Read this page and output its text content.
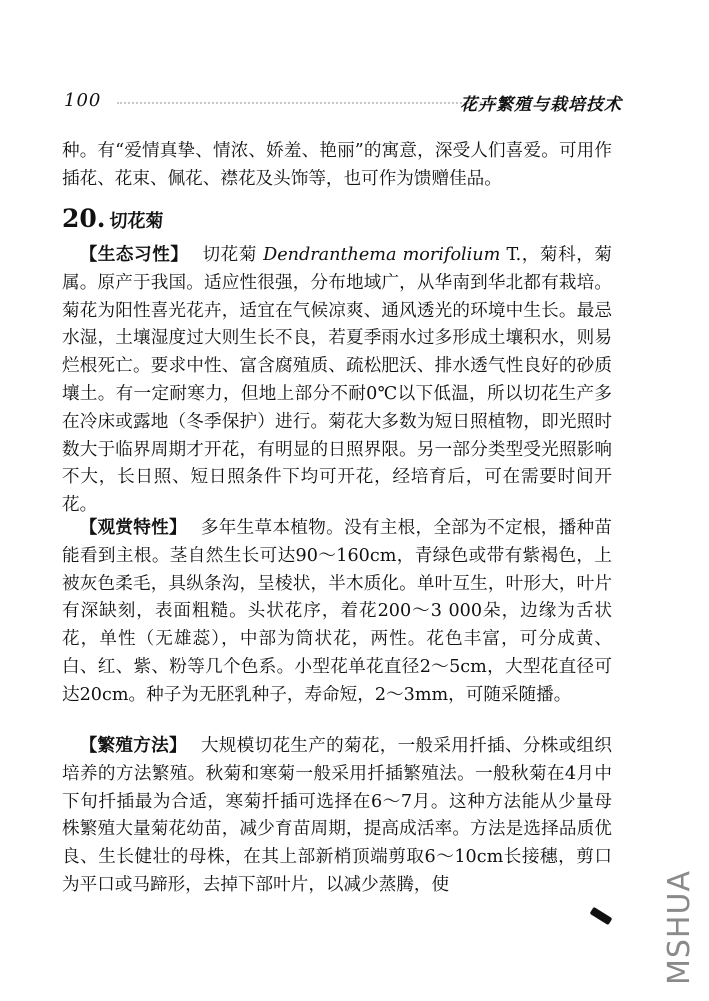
100	花卉繁殖与栽培技术

种。有“爱情真挚、情浓、娇羞、艳丽”的寓意，深受人们喜爱。可用作插花、花束、佩花、襟花及头饰等，也可作为馈赠佳品。

20. 切花菊

【生态习性】 切花菊 Dendranthema morifolium T.，菊科，菊属。原产于我国。适应性很强，分布地域广，从华南到华北都有栽培。菊花为阳性喜光花卉，适宜在气候凉爽、通风透光的环境中生长。最忌水湿，土壤湿度过大则生长不良，若夏季雨水过多形成土壤积水，则易烂根死亡。要求中性、富含腐殖质、疏松肥沃、排水透气性良好的砂质壤土。有一定耐寒力，但地上部分不耐0℃以下低温，所以切花生产多在冷床或露地（冬季保护）进行。菊花大多数为短日照植物，即光照时数大于临界周期才开花，有明显的日照界限。另一部分类型受光照影响不大，长日照、短日照条件下均可开花，经培育后，可在需要时间开花。

【观赏特性】 多年生草本植物。没有主根，全部为不定根，播种苗能看到主根。茎自然生长可达90～160cm，青绿色或带有紫褐色，上被灰色柔毛，具纵条沟，呈棱状，半木质化。单叶互生，叶形大，叶片有深缺刻，表面粗糙。头状花序，着花200～3 000朵，边缘为舌状花，单性（无雄蕊），中部为筒状花，两性。花色丰富，可分成黄、白、红、紫、粉等几个色系。小型花单花直径2～5cm，大型花直径可达20cm。种子为无胚乳种子，寿命短，2～3mm，可随采随播。

【繁殖方法】 大规模切花生产的菊花，一般采用扦插、分株或组织培养的方法繁殖。秋菊和寒菊一般采用扦插繁殖法。一般秋菊在4月中下旬扦插最为合适，寒菊扦插可选择在6～7月。这种方法能从少量母株繁殖大量菊花幼苗，减少育苗周期，提高成活率。方法是选择品质优良、生长健壮的母株，在其上部新梢顶端剪取6～10cm长接穗，剪口为平口或马蹄形，去掉下部叶片，以减少蒸腾，使	MSHUA
